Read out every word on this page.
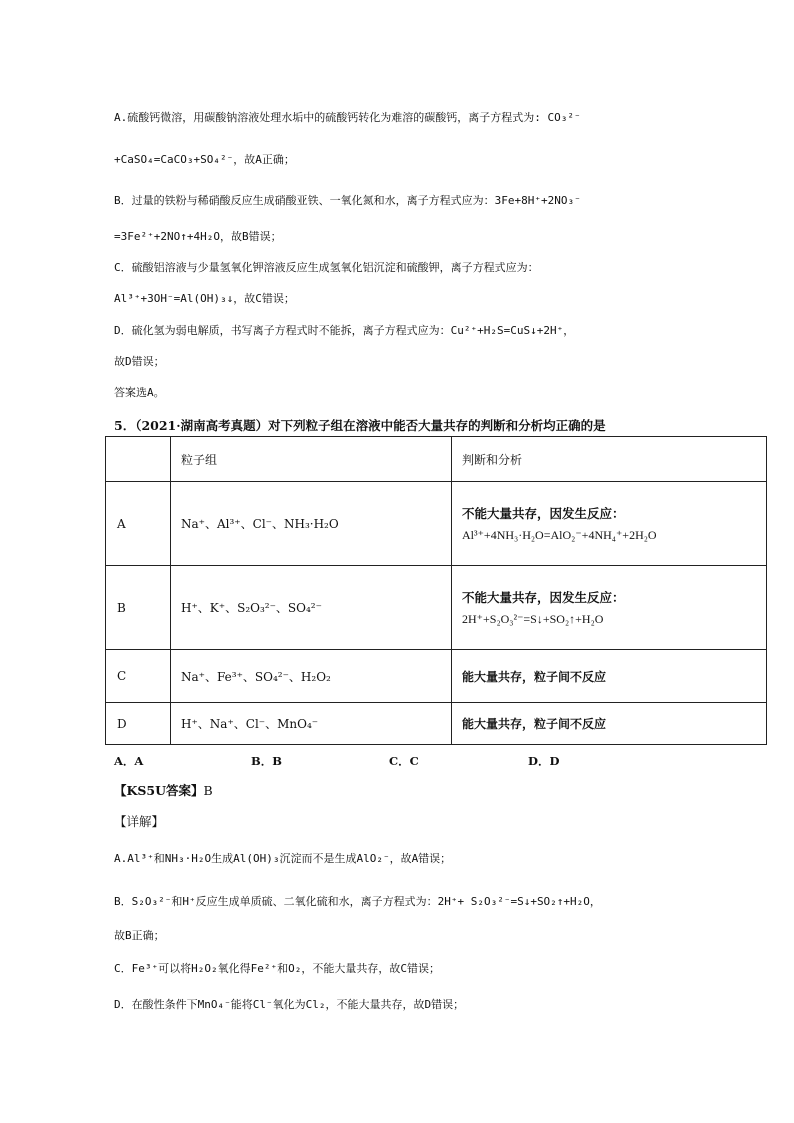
A.硫酸钙微溶，用碳酸钠溶液处理水垢中的硫酸钙转化为难溶的碳酸钙，离子方程式为: CO₃²⁻
+CaSO₄=CaCO₃+SO₄²⁻，故A正确；
B．过量的铁粉与稀硝酸反应生成硝酸亚铁、一氧化氮和水，离子方程式应为：3Fe+8H⁺+2NO₃⁻
=3Fe²⁺+2NO↑+4H₂O，故B错误；
C．硫酸铝溶液与少量氢氧化钾溶液反应生成氢氧化铝沉淀和硫酸钾，离子方程式应为：
Al³⁺+3OH⁻=Al(OH)₃↓，故C错误；
D．硫化氢为弱电解质，书写离子方程式时不能拆，离子方程式应为：Cu²⁺+H₂S=CuS↓+2H⁺，
故D错误；
答案选A。
5．（2021·湖南高考真题）对下列粒子组在溶液中能否大量共存的判断和分析均正确的是
	粒子组	判断和分析
A	Na⁺、Al³⁺、Cl⁻、NH₃·H₂O	不能大量共存，因发生反应：
Al³⁺+4NH₃·H₂O=AlO₂⁻+4NH₄⁺+2H₂O

B	H⁺、K⁺、S₂O₃²⁻、SO₄²⁻	不能大量共存，因发生反应：
2H⁺+S₂O₃²⁻=S↓+SO₂↑+H₂O

C	Na⁺、Fe³⁺、SO₄²⁻、H₂O₂	能大量共存，粒子间不反应
D	H⁺、Na⁺、Cl⁻、MnO₄⁻	能大量共存，粒子间不反应
A．A	B．B	C．C	D．D
【KS5U答案】B
【详解】
A.Al³⁺和NH₃·H₂O生成Al(OH)₃沉淀而不是生成AlO₂⁻，故A错误；
B．S₂O₃²⁻和H⁺反应生成单质硫、二氧化硫和水，离子方程式为：2H⁺+ S₂O₃²⁻=S↓+SO₂↑+H₂O，
故B正确；
C．Fe³⁺可以将H₂O₂氧化得Fe²⁺和O₂，不能大量共存，故C错误；
D．在酸性条件下MnO₄⁻能将Cl⁻氧化为Cl₂，不能大量共存，故D错误；
